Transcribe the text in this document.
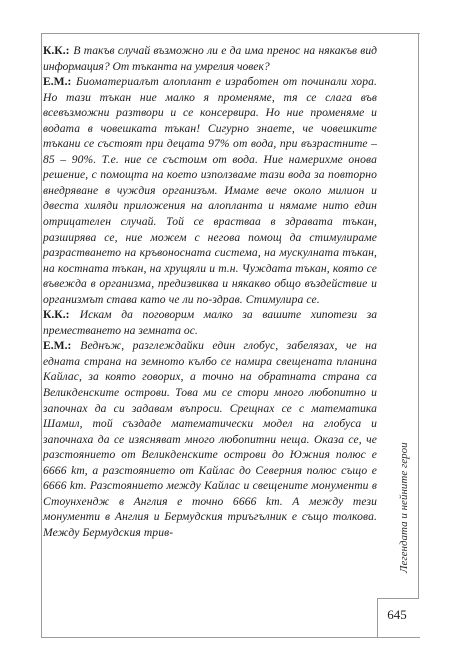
К.К.: В такъв случай възможно ли е да има пренос на някакъв вид информация? От тъканта на умрелия човек?

Е.М.: Биоматериалът алоплант е изработен от починали хора. Но тази тъкан ние малко я променяме, тя се слага във всевъзможни разтвори и се консервира. Но ние променяме и водата в човешката тъкан! Сигурно знаете, че човешките тъкани се състоят при децата 97% от вода, при възрастните – 85 – 90%. Т.е. ние се състоим от вода. Ние намерихме онова решение, с помощта на което използваме тази вода за повторно внедряване в чуждия организъм. Имаме вече около милион и двеста хиляди приложения на алопланта и нямаме нито един отрицателен случай. Той се врастваа в здравата тъкан, разширява се, ние можем с негова помощ да стимулираме разрастването на кръвоносната система, на мускулната тъкан, на костната тъкан, на хрущяли и т.н. Чуждата тъкан, която се въвежда в организма, предизвиква и някакво общо въздействие и организмът става като че ли по-здрав. Стимулира се.

К.К.: Искам да поговорим малко за вашите хипотези за преместването на земната ос.

Е.М.: Веднъж, разглеждайки един глобус, забелязах, че на едната страна на земното кълбо се намира свещената планина Кайлас, за която говорих, а точно на обратната страна са Великденските острови. Това ми се стори много любопитно и започнах да си задавам въпроси. Срещнах се с математика Шамил, той създаде математически модел на глобуса и започнаха да се изясняват много любопитни неща. Оказа се, че разстоянието от Великденските острови до Южния полюс е 6666 km, а разстоянието от Кайлас до Северния полюс също е 6666 km. Разстоянието между Кайлас и свещените монументи в Стоунхендж в Англия е точно 6666 km. А между тези монументи в Англия и Бермудския триъгълник е също толкова. Между Бермудския трив-	Легендата и нейните герои
645
